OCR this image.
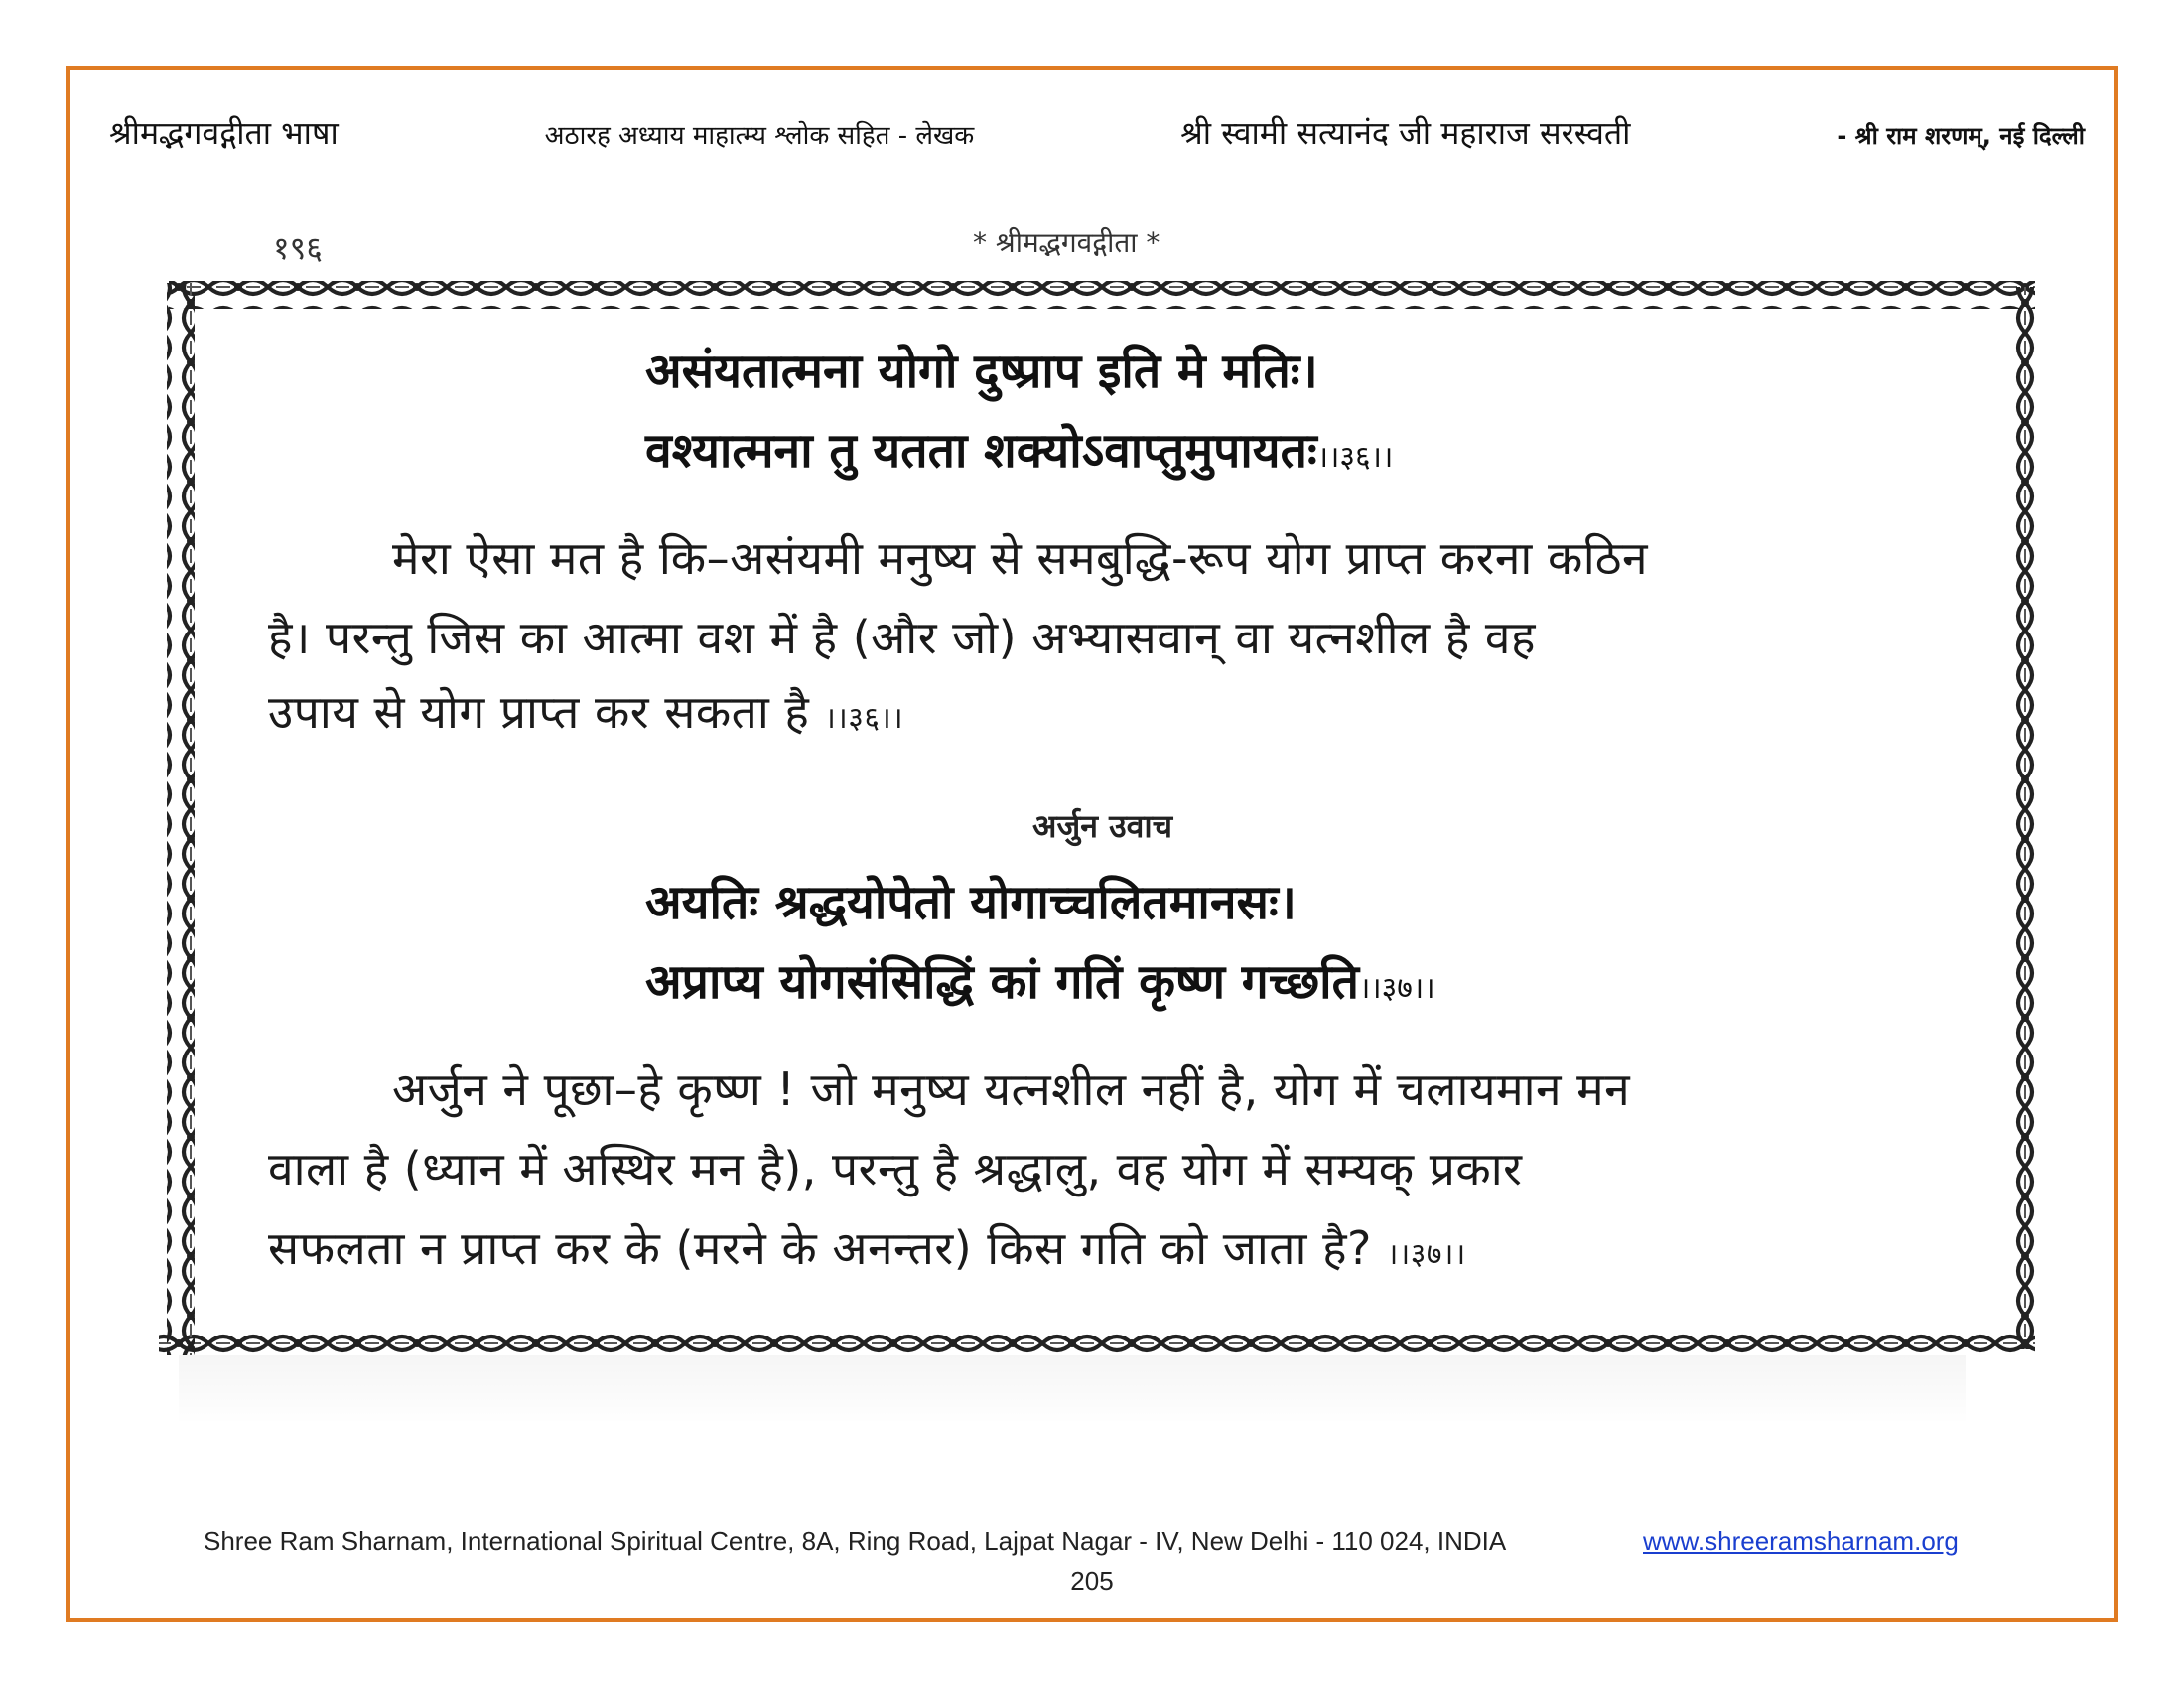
श्रीमद्भगवद्गीता भाषा	अठारह अध्याय माहात्म्य श्लोक सहित - लेखक	श्री स्वामी सत्यानंद जी महाराज सरस्वती	- श्री राम शरणम्, नई दिल्ली
१९६	* श्रीमद्भगवद्गीता *
असंयतात्मना योगो दुष्प्राप इति मे मतिः।
वश्यात्मना तु यतता शक्योऽवाप्तुमुपायतः।।३६।।
मेरा ऐसा मत है कि–असंयमी मनुष्य से समबुद्धि-रूप योग प्राप्त करना कठिन
है। परन्तु जिस का आत्मा वश में है (और जो) अभ्यासवान् वा यत्नशील है वह
उपाय से योग प्राप्त कर सकता है ।।३६।।
अर्जुन उवाच
अयतिः श्रद्धयोपेतो योगाच्चलितमानसः।
अप्राप्य योगसंसिद्धिं कां गतिं कृष्ण गच्छति।।३७।।
अर्जुन ने पूछा–हे कृष्ण ! जो मनुष्य यत्नशील नहीं है, योग में चलायमान मन
वाला है (ध्यान में अस्थिर मन है), परन्तु है श्रद्धालु, वह योग में सम्यक् प्रकार
सफलता न प्राप्त कर के (मरने के अनन्तर) किस गति को जाता है? ।।३७।।
Shree Ram Sharnam, International Spiritual Centre, 8A, Ring Road, Lajpat Nagar - IV, New Delhi - 110 024, INDIA	www.shreeramsharnam.org
205
